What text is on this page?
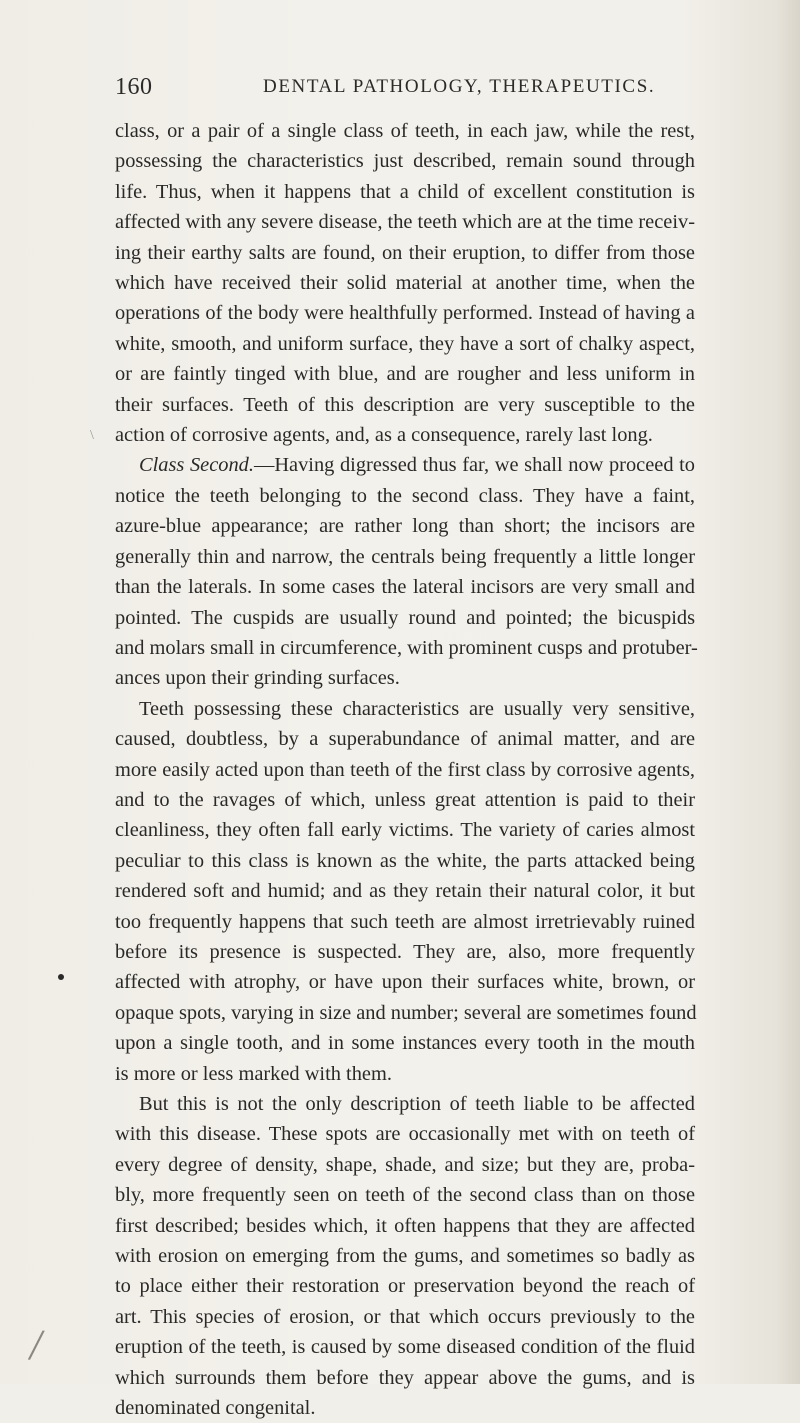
160	DENTAL PATHOLOGY, THERAPEUTICS.
class, or a pair of a single class of teeth, in each jaw, while the rest,
possessing the characteristics just described, remain sound through
life. Thus, when it happens that a child of excellent constitution is
affected with any severe disease, the teeth which are at the time receiv-
ing their earthy salts are found, on their eruption, to differ from those
which have received their solid material at another time, when the
operations of the body were healthfully performed. Instead of having a
white, smooth, and uniform surface, they have a sort of chalky aspect,
or are faintly tinged with blue, and are rougher and less uniform in
their surfaces. Teeth of this description are very susceptible to the
action of corrosive agents, and, as a consequence, rarely last long.
Class Second.—Having digressed thus far, we shall now proceed to
notice the teeth belonging to the second class. They have a faint,
azure-blue appearance; are rather long than short; the incisors are
generally thin and narrow, the centrals being frequently a little longer
than the laterals. In some cases the lateral incisors are very small and
pointed. The cuspids are usually round and pointed; the bicuspids
and molars small in circumference, with prominent cusps and protuber-
ances upon their grinding surfaces.
Teeth possessing these characteristics are usually very sensitive,
caused, doubtless, by a superabundance of animal matter, and are
more easily acted upon than teeth of the first class by corrosive agents,
and to the ravages of which, unless great attention is paid to their
cleanliness, they often fall early victims. The variety of caries almost
peculiar to this class is known as the white, the parts attacked being
rendered soft and humid; and as they retain their natural color, it but
too frequently happens that such teeth are almost irretrievably ruined
before its presence is suspected. They are, also, more frequently
affected with atrophy, or have upon their surfaces white, brown, or
opaque spots, varying in size and number; several are sometimes found
upon a single tooth, and in some instances every tooth in the mouth
is more or less marked with them.
But this is not the only description of teeth liable to be affected
with this disease. These spots are occasionally met with on teeth of
every degree of density, shape, shade, and size; but they are, proba-
bly, more frequently seen on teeth of the second class than on those
first described; besides which, it often happens that they are affected
with erosion on emerging from the gums, and sometimes so badly as
to place either their restoration or preservation beyond the reach of
art. This species of erosion, or that which occurs previously to the
eruption of the teeth, is caused by some diseased condition of the fluid
which surrounds them before they appear above the gums, and is
denominated congenital.
\
/
